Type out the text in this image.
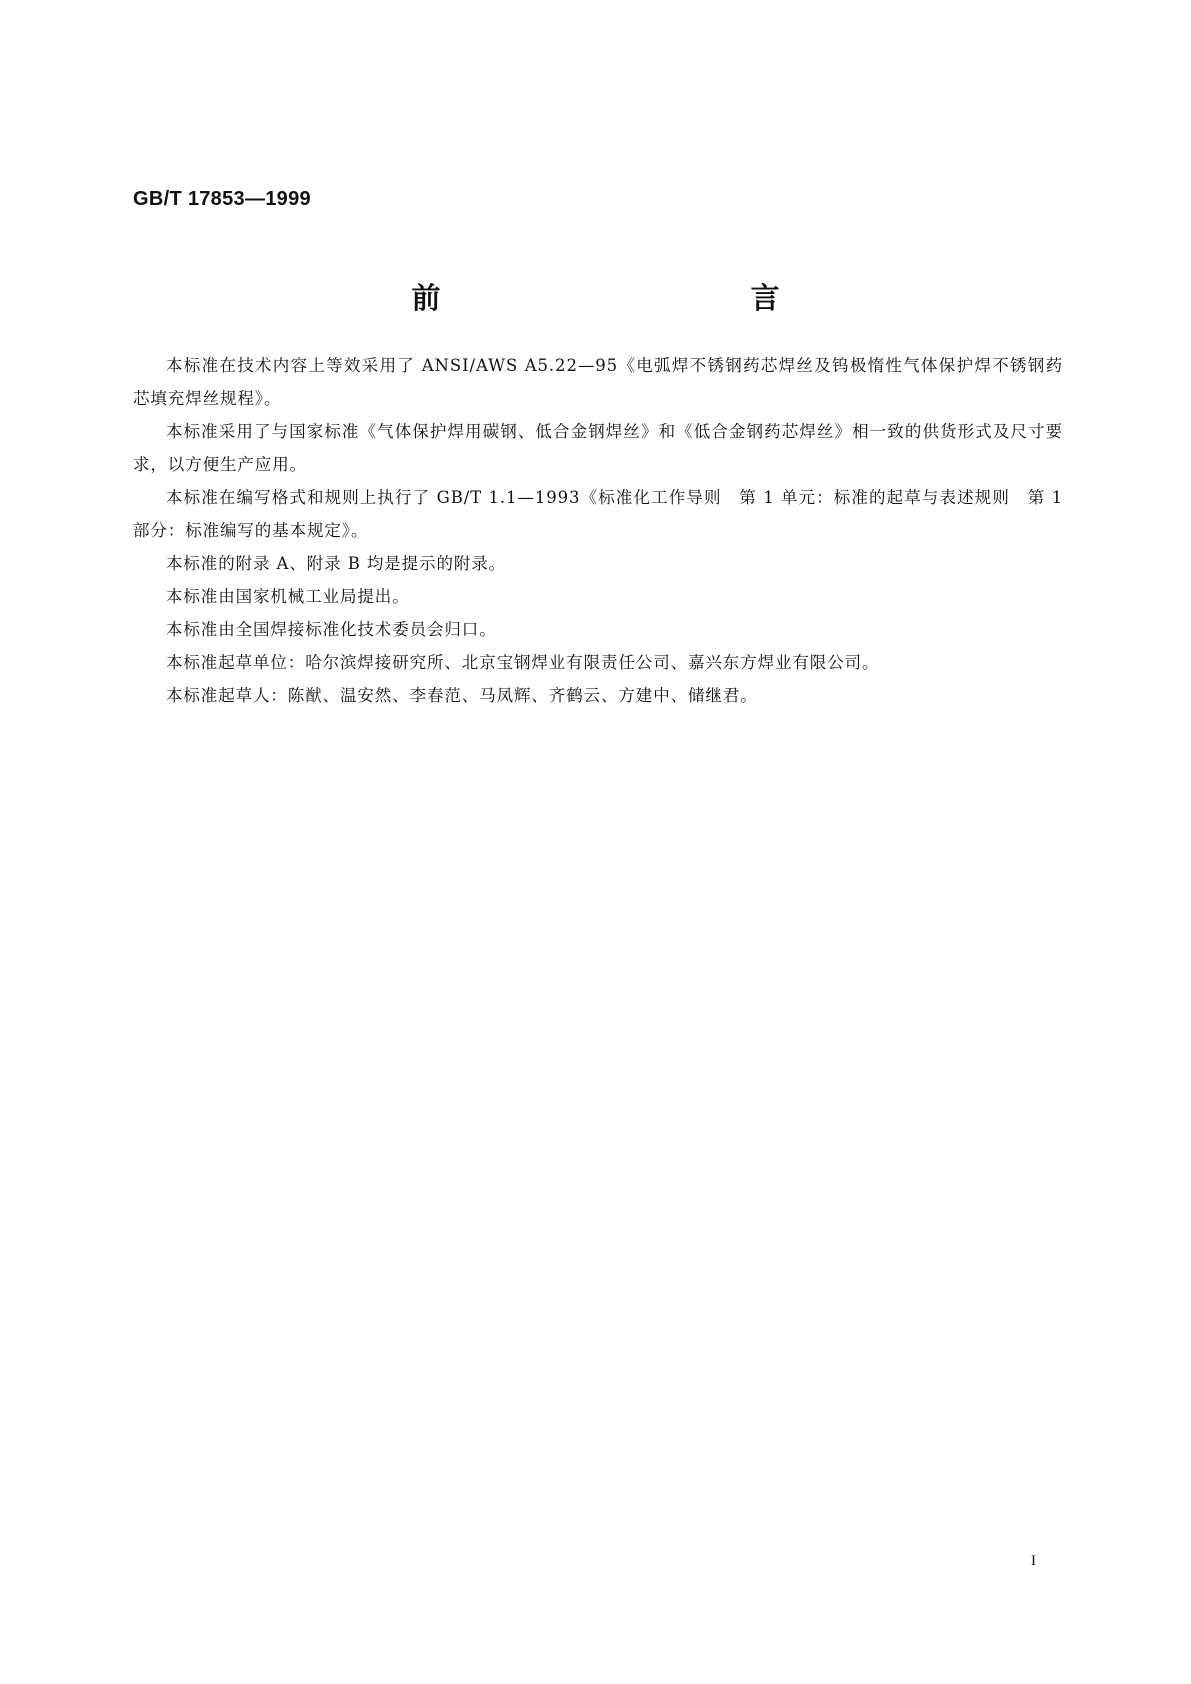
GB/T 17853—1999
前　　言

本标准在技术内容上等效采用了 ANSI/AWS A5.22—95《电弧焊不锈钢药芯焊丝及钨极惰性气体保护焊不锈钢药芯填充焊丝规程》。

本标准采用了与国家标准《气体保护焊用碳钢、低合金钢焊丝》和《低合金钢药芯焊丝》相一致的供货形式及尺寸要求，以方便生产应用。

本标准在编写格式和规则上执行了 GB/T 1.1—1993《标准化工作导则　第 1 单元：标准的起草与表述规则　第 1 部分：标准编写的基本规定》。

本标准的附录 A、附录 B 均是提示的附录。

本标准由国家机械工业局提出。

本标准由全国焊接标准化技术委员会归口。

本标准起草单位：哈尔滨焊接研究所、北京宝钢焊业有限责任公司、嘉兴东方焊业有限公司。

本标准起草人：陈猷、温安然、李春范、马凤辉、齐鹤云、方建中、储继君。

I
